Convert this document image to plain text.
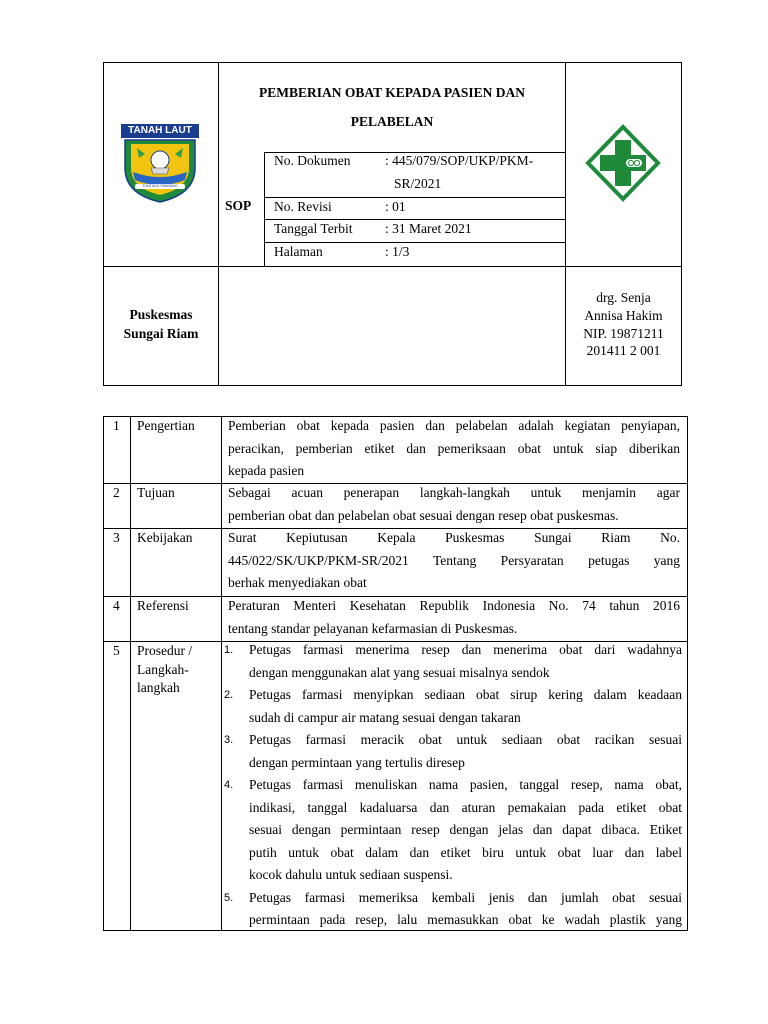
TANAH LAUT
TUNTUNG PANDANG
PEMBERIAN OBAT KEPADA PASIEN DAN
PELABELAN
SOP
No. Dokumen	: 445/079/SOP/UKP/PKM-
SR/2021
No. Revisi	: 01
Tanggal Terbit : 31 Maret 2021
Halaman	: 1/3
Puskesmas
Sungai Riam
drg. Senja
Annisa Hakim
NIP. 19871211
201411 2 001
1 Pengertian Pemberian obat kepada pasien dan pelabelan adalah kegiatan penyiapan,
peracikan, pemberian etiket dan pemeriksaan obat untuk siap diberikan
kepada pasien
2 Tujuan	Sebagai acuan penerapan langkah-langkah untuk menjamin agar
pemberian obat dan pelabelan obat sesuai dengan resep obat puskesmas.
3 Kebijakan	Surat Kepiutusan Kepala Puskesmas Sungai Riam No.
445/022/SK/UKP/PKM-SR/2021 Tentang Persyaratan petugas yang
berhak menyediakan obat
4 Referensi	Peraturan Menteri Kesehatan Republik Indonesia No. 74 tahun 2016
tentang standar pelayanan kefarmasian di Puskesmas.
5 Prosedur /
Langkah-
langkah
1. Petugas farmasi menerima resep dan menerima obat dari wadahnya
dengan menggunakan alat yang sesuai misalnya sendok
2. Petugas farmasi menyipkan sediaan obat sirup kering dalam keadaan
sudah di campur air matang sesuai dengan takaran
3. Petugas farmasi meracik obat untuk sediaan obat racikan sesuai
dengan permintaan yang tertulis diresep
4. Petugas farmasi menuliskan nama pasien, tanggal resep, nama obat,
indikasi, tanggal kadaluarsa dan aturan pemakaian pada etiket obat
sesuai dengan permintaan resep dengan jelas dan dapat dibaca. Etiket
putih untuk obat dalam dan etiket biru untuk obat luar dan label
kocok dahulu untuk sediaan suspensi.
5. Petugas farmasi memeriksa kembali jenis dan jumlah obat sesuai
permintaan pada resep, lalu memasukkan obat ke wadah plastik yang
